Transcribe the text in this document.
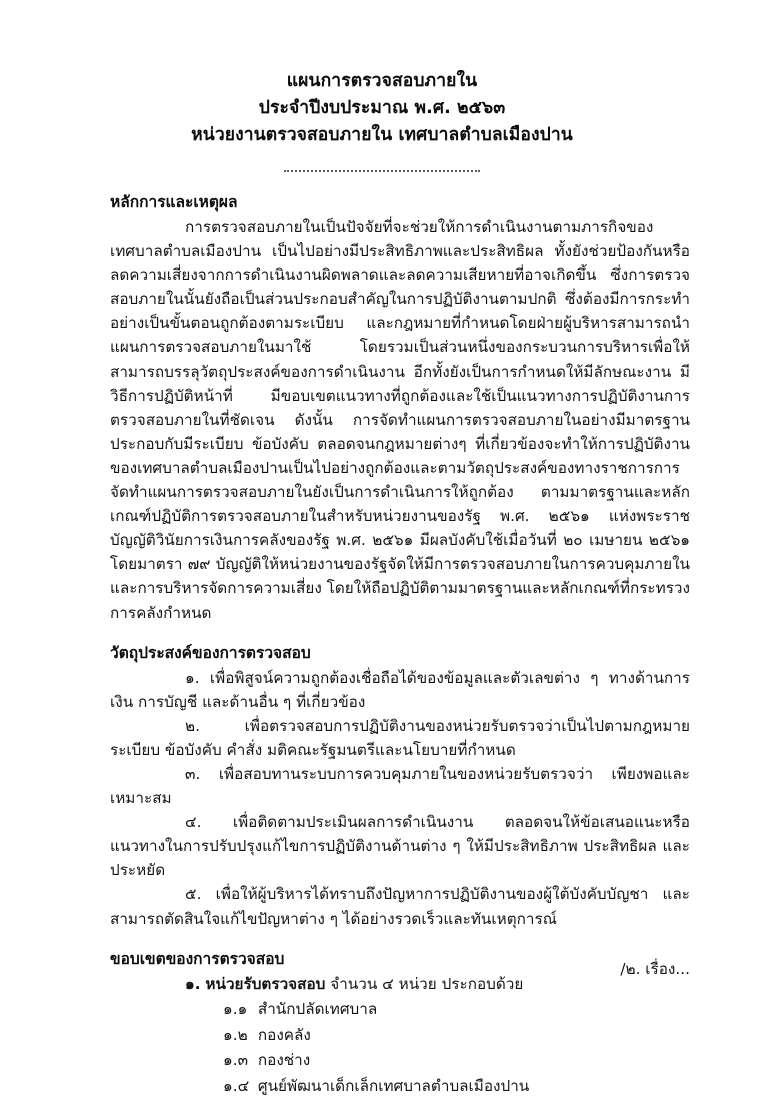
แผนการตรวจสอบภายใน
ประจำปีงบประมาณ พ.ศ. ๒๕๖๓
หน่วยงานตรวจสอบภายใน เทศบาลตำบลเมืองปาน
หลักการและเหตุผล

การตรวจสอบภายในเป็นปัจจัยที่จะช่วยให้การดำเนินงานตามภารกิจของเทศบาลตำบลเมืองปาน เป็นไปอย่างมีประสิทธิภาพและประสิทธิผล ทั้งยังช่วยป้องกันหรือลดความเสี่ยงจากการดำเนินงานผิดพลาดและลดความเสียหายที่อาจเกิดขึ้น ซึ่งการตรวจสอบภายในนั้นยังถือเป็นส่วนประกอบสำคัญในการปฏิบัติงานตามปกติ ซึ่งต้องมีการกระทำอย่างเป็นขั้นตอนถูกต้องตามระเบียบ และกฎหมายที่กำหนดโดยฝ่ายผู้บริหารสามารถนำแผนการตรวจสอบภายในมาใช้ โดยรวมเป็นส่วนหนึ่งของกระบวนการบริหารเพื่อให้สามารถบรรลุวัตถุประสงค์ของการดำเนินงาน อีกทั้งยังเป็นการกำหนดให้มีลักษณะงาน มีวิธีการปฏิบัติหน้าที่ มีขอบเขตแนวทางที่ถูกต้องและใช้เป็นแนวทางการปฏิบัติงานการตรวจสอบภายในที่ชัดเจน ดังนั้น การจัดทำแผนการตรวจสอบภายในอย่างมีมาตรฐานประกอบกับมีระเบียบ ข้อบังคับ ตลอดจนกฎหมายต่างๆ ที่เกี่ยวข้องจะทำให้การปฏิบัติงานของเทศบาลตำบลเมืองปานเป็นไปอย่างถูกต้องและตามวัตถุประสงค์ของทางราชการการจัดทำแผนการตรวจสอบภายในยังเป็นการดำเนินการให้ถูกต้อง ตามมาตรฐานและหลักเกณฑ์ปฏิบัติการตรวจสอบภายในสำหรับหน่วยงานของรัฐ พ.ศ. ๒๕๖๑ แห่งพระราชบัญญัติวินัยการเงินการคลังของรัฐ พ.ศ. ๒๕๖๑ มีผลบังคับใช้เมื่อวันที่ ๒๐ เมษายน ๒๕๖๑ โดยมาตรา ๗๙ บัญญัติให้หน่วยงานของรัฐจัดให้มีการตรวจสอบภายในการควบคุมภายใน และการบริหารจัดการความเสี่ยง โดยให้ถือปฏิบัติตามมาตรฐานและหลักเกณฑ์ที่กระทรวงการคลังกำหนด

วัตถุประสงค์ของการตรวจสอบ
๑. เพื่อพิสูจน์ความถูกต้องเชื่อถือได้ของข้อมูลและตัวเลขต่าง ๆ ทางด้านการเงิน การบัญชี และด้านอื่น ๆ ที่เกี่ยวข้อง
๒. เพื่อตรวจสอบการปฏิบัติงานของหน่วยรับตรวจว่าเป็นไปตามกฎหมาย ระเบียบ ข้อบังคับ คำสั่ง มติคณะรัฐมนตรีและนโยบายที่กำหนด
๓. เพื่อสอบทานระบบการควบคุมภายในของหน่วยรับตรวจว่า เพียงพอและเหมาะสม
๔. เพื่อติดตามประเมินผลการดำเนินงาน ตลอดจนให้ข้อเสนอแนะหรือแนวทางในการปรับปรุงแก้ไขการปฏิบัติงานด้านต่าง ๆ ให้มีประสิทธิภาพ ประสิทธิผล และประหยัด
๕. เพื่อให้ผู้บริหารได้ทราบถึงปัญหาการปฏิบัติงานของผู้ใต้บังคับบัญชา และสามารถตัดสินใจแก้ไขปัญหาต่าง ๆ ได้อย่างรวดเร็วและทันเหตุการณ์
ขอบเขตของการตรวจสอบ
๑. หน่วยรับตรวจสอบ จำนวน ๔ หน่วย ประกอบด้วย
๑.๑ สำนักปลัดเทศบาล
๑.๒ กองคลัง
๑.๓ กองช่าง
๑.๔ ศูนย์พัฒนาเด็กเล็กเทศบาลตำบลเมืองปาน
/๒. เรื่อง...
